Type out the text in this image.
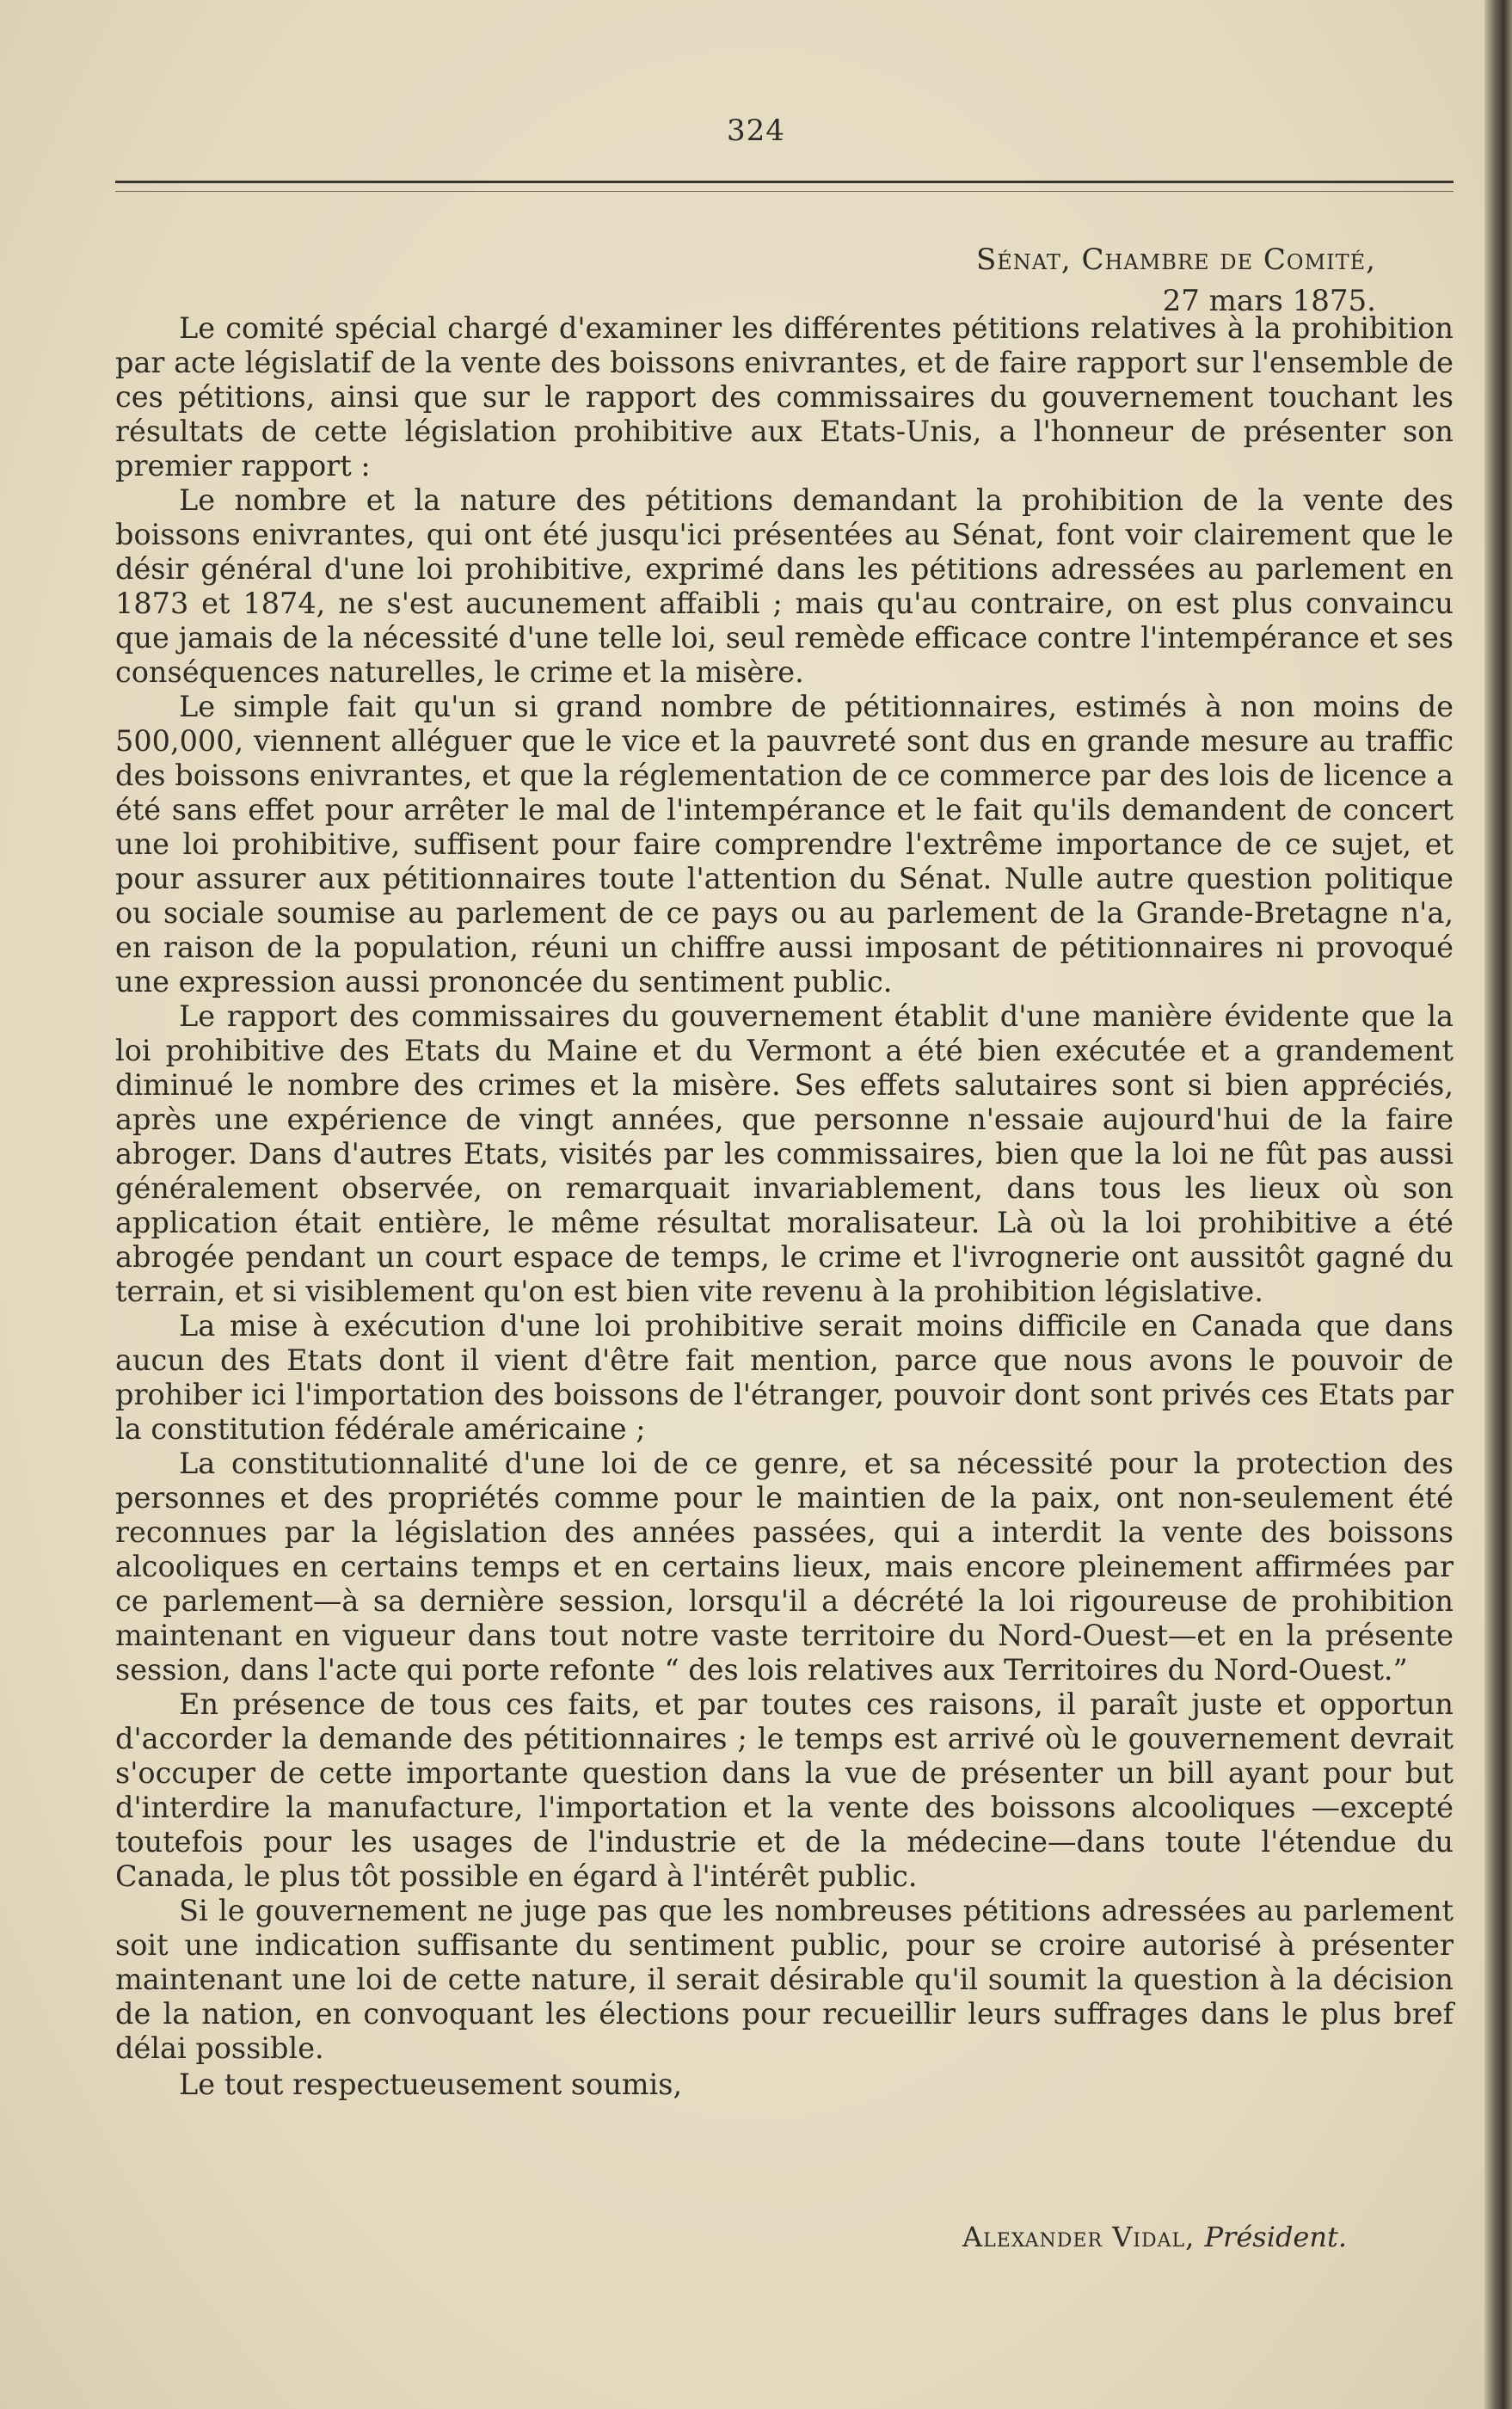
324
Sénat, Chambre de Comité,
27 mars 1875.

Le comité spécial chargé d'examiner les différentes pétitions relatives à la prohibition par acte législatif de la vente des boissons enivrantes, et de faire rapport sur l'ensemble de ces pétitions, ainsi que sur le rapport des commissaires du gouvernement touchant les résultats de cette législation prohibitive aux Etats-Unis, a l'honneur de présenter son premier rapport :

Le nombre et la nature des pétitions demandant la prohibition de la vente des boissons enivrantes, qui ont été jusqu'ici présentées au Sénat, font voir clairement que le désir général d'une loi prohibitive, exprimé dans les pétitions adressées au parlement en 1873 et 1874, ne s'est aucunement affaibli ; mais qu'au contraire, on est plus convaincu que jamais de la nécessité d'une telle loi, seul remède efficace contre l'intempérance et ses conséquences naturelles, le crime et la misère.

Le simple fait qu'un si grand nombre de pétitionnaires, estimés à non moins de 500,000, viennent alléguer que le vice et la pauvreté sont dus en grande mesure au traffic des boissons enivrantes, et que la réglementation de ce commerce par des lois de licence a été sans effet pour arrêter le mal de l'intempérance et le fait qu'ils demandent de concert une loi prohibitive, suffisent pour faire comprendre l'extrême importance de ce sujet, et pour assurer aux pétitionnaires toute l'attention du Sénat. Nulle autre question politique ou sociale soumise au parlement de ce pays ou au parlement de la Grande-Bretagne n'a, en raison de la population, réuni un chiffre aussi imposant de pétitionnaires ni provoqué une expression aussi prononcée du sentiment public.

Le rapport des commissaires du gouvernement établit d'une manière évidente que la loi prohibitive des Etats du Maine et du Vermont a été bien exécutée et a grandement diminué le nombre des crimes et la misère. Ses effets salutaires sont si bien appréciés, après une expérience de vingt années, que personne n'essaie aujourd'hui de la faire abroger. Dans d'autres Etats, visités par les commissaires, bien que la loi ne fût pas aussi généralement observée, on remarquait invariablement, dans tous les lieux où son application était entière, le même résultat moralisateur. Là où la loi prohibitive a été abrogée pendant un court espace de temps, le crime et l'ivrognerie ont aussitôt gagné du terrain, et si visiblement qu'on est bien vite revenu à la prohibition législative.

La mise à exécution d'une loi prohibitive serait moins difficile en Canada que dans aucun des Etats dont il vient d'être fait mention, parce que nous avons le pouvoir de prohiber ici l'importation des boissons de l'étranger, pouvoir dont sont privés ces Etats par la constitution fédérale américaine ;

La constitutionnalité d'une loi de ce genre, et sa nécessité pour la protection des personnes et des propriétés comme pour le maintien de la paix, ont non-seulement été reconnues par la législation des années passées, qui a interdit la vente des boissons alcooliques en certains temps et en certains lieux, mais encore pleinement affirmées par ce parlement—à sa dernière session, lorsqu'il a décrété la loi rigoureuse de prohibition maintenant en vigueur dans tout notre vaste territoire du Nord-Ouest—et en la présente session, dans l'acte qui porte refonte “ des lois relatives aux Territoires du Nord-Ouest.”

En présence de tous ces faits, et par toutes ces raisons, il paraît juste et opportun d'accorder la demande des pétitionnaires ; le temps est arrivé où le gouvernement devrait s'occuper de cette importante question dans la vue de présenter un bill ayant pour but d'interdire la manufacture, l'importation et la vente des boissons alcooliques —excepté toutefois pour les usages de l'industrie et de la médecine—dans toute l'étendue du Canada, le plus tôt possible en égard à l'intérêt public.

Si le gouvernement ne juge pas que les nombreuses pétitions adressées au parlement soit une indication suffisante du sentiment public, pour se croire autorisé à présenter maintenant une loi de cette nature, il serait désirable qu'il soumit la question à la décision de la nation, en convoquant les élections pour recueillir leurs suffrages dans le plus bref délai possible.

Le tout respectueusement soumis,

Alexander Vidal, Président.
